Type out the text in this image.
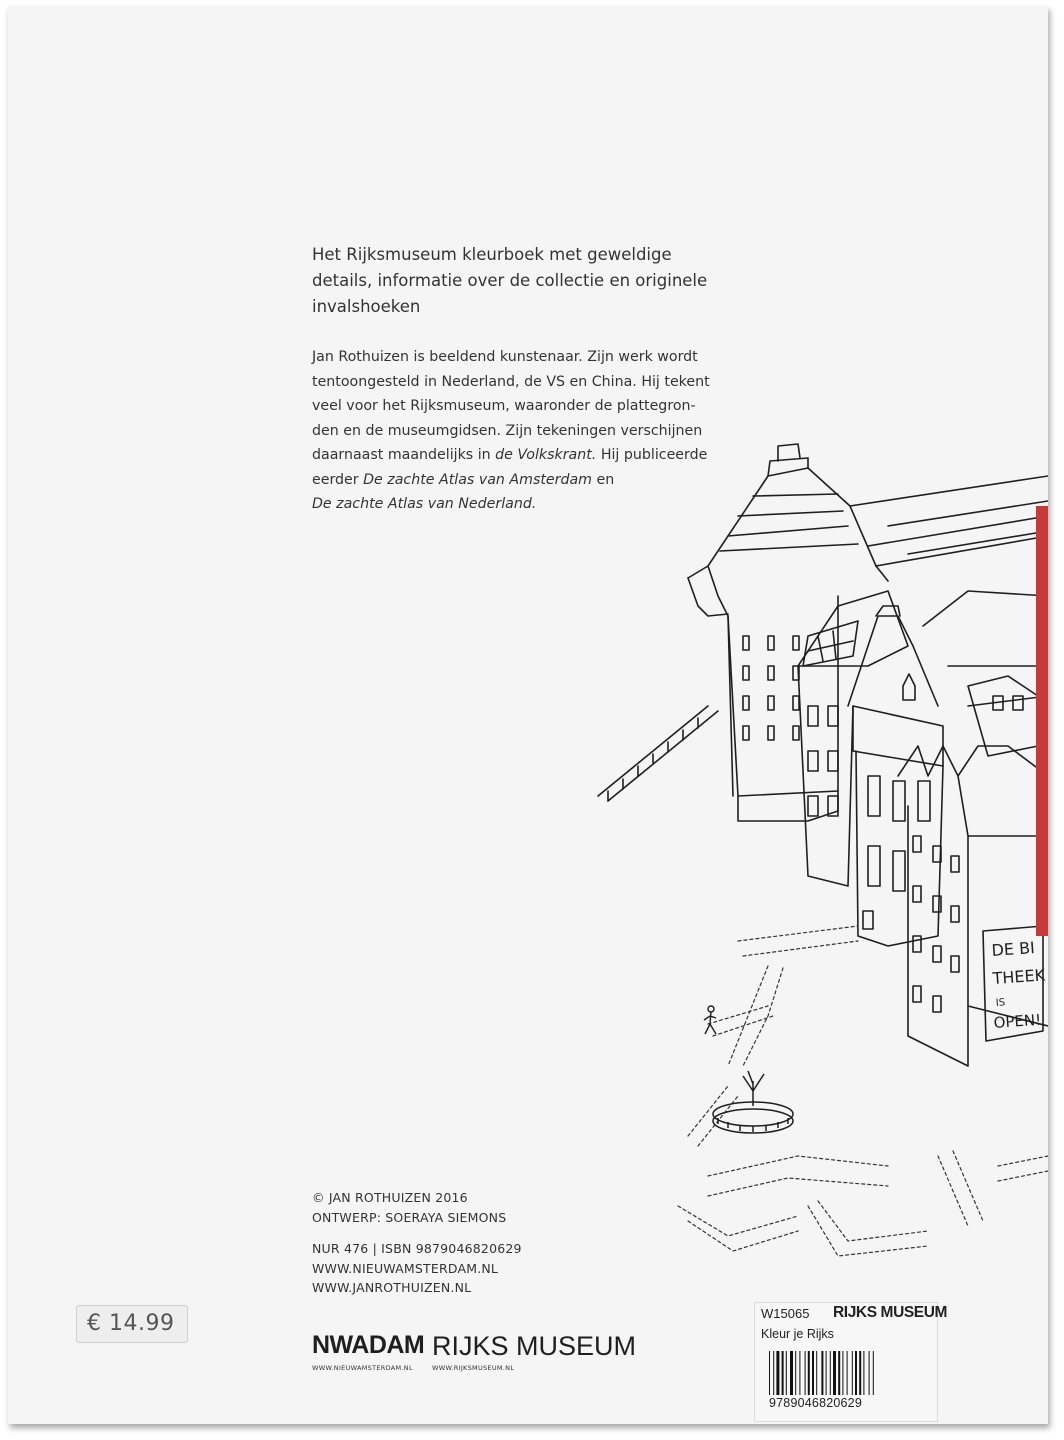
Het Rijksmuseum kleurboek met geweldige

details, informatie over de collectie en originele

invalshoeken

Jan Rothuizen is beeldend kunstenaar. Zijn werk wordt
tentoongesteld in Nederland, de VS en China. Hij tekent
veel voor het Rijksmuseum, waaronder de plattegron-
den en de museumgidsen. Zijn tekeningen verschijnen
daarnaast maandelijks in de Volkskrant. Hij publiceerde
eerder De zachte Atlas van Amsterdam en
De zachte Atlas van Nederland.
DE BI
THEEK
IS
OPEN!
© JAN ROTHUIZEN 2016
ONTWERP: SOERAYA SIEMONS
NUR 476 | ISBN 9879046820629
WWW.NIEUWAMSTERDAM.NL
WWW.JANROTHUIZEN.NL
€ 14.99
NWADAM
WWW.NIEUWAMSTERDAM.NL
RIJKS MUSEUM
WWW.RIJKSMUSEUM.NL
W15065 RIJKS MUSEUM
Kleur je Rijks
9789046820629
